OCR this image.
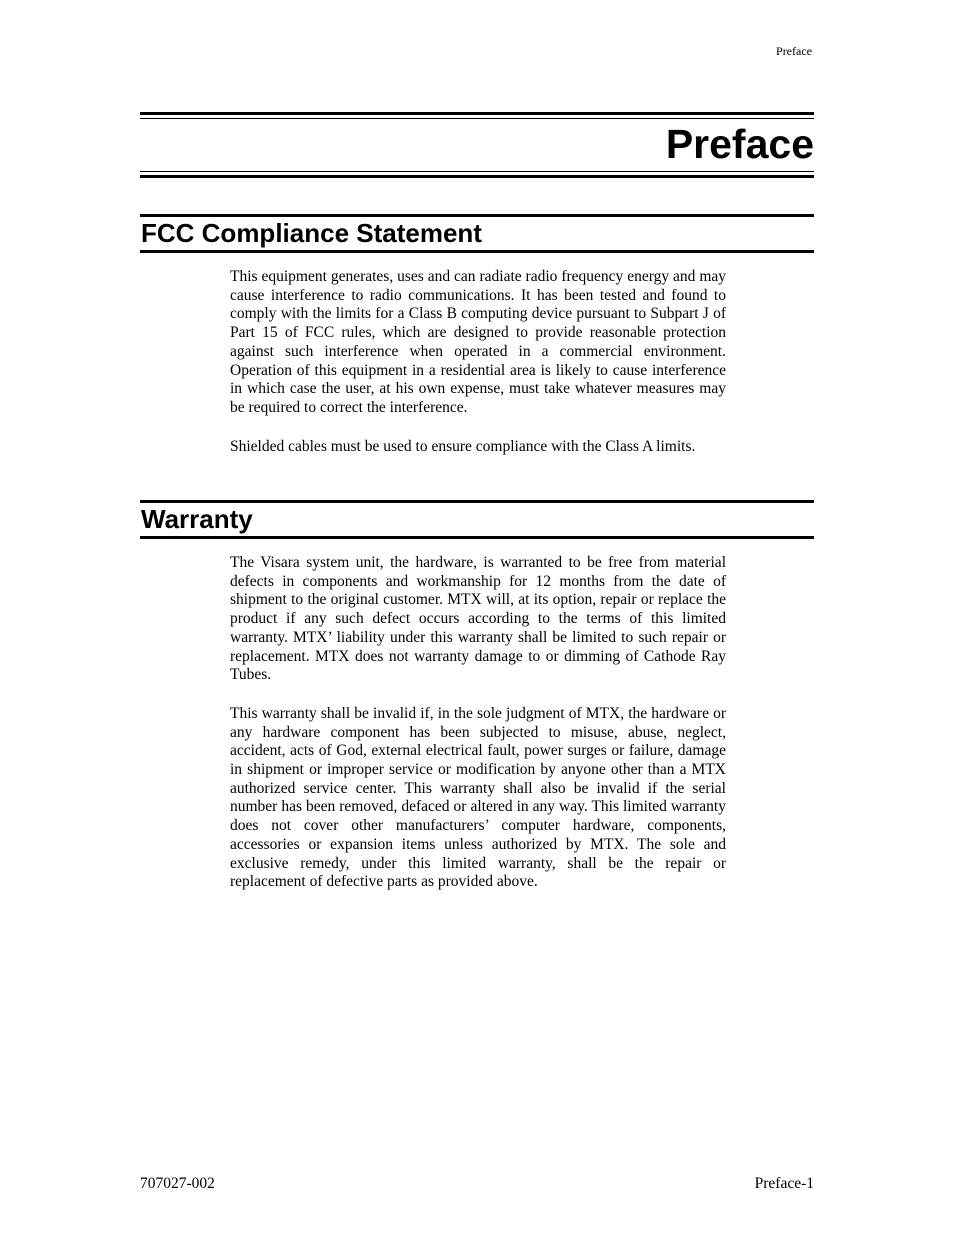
Preface
Preface
FCC Compliance Statement

This equipment generates, uses and can radiate radio frequency energy and may cause interference to radio communications. It has been tested and found to comply with the limits for a Class B computing device pursuant to Subpart J of Part 15 of FCC rules, which are designed to provide reasonable protection against such interference when operated in a commercial environment. Operation of this equipment in a residential area is likely to cause interference in which case the user, at his own expense, must take whatever measures may be required to correct the interference.

Shielded cables must be used to ensure compliance with the Class A limits.

Warranty

The Visara system unit, the hardware, is warranted to be free from material defects in components and workmanship for 12 months from the date of shipment to the original customer. MTX will, at its option, repair or replace the product if any such defect occurs according to the terms of this limited warranty. MTX’ liability under this warranty shall be limited to such repair or replacement. MTX does not warranty damage to or dimming of Cathode Ray Tubes.

This warranty shall be invalid if, in the sole judgment of MTX, the hardware or any hardware component has been subjected to misuse, abuse, neglect, accident, acts of God, external electrical fault, power surges or failure, damage in shipment or improper service or modification by anyone other than a MTX authorized service center. This warranty shall also be invalid if the serial number has been removed, defaced or altered in any way. This limited warranty does not cover other manufacturers’ computer hardware, components, accessories or expansion items unless authorized by MTX. The sole and exclusive remedy, under this limited warranty, shall be the repair or replacement of defective parts as provided above.

707027-002	Preface-1
